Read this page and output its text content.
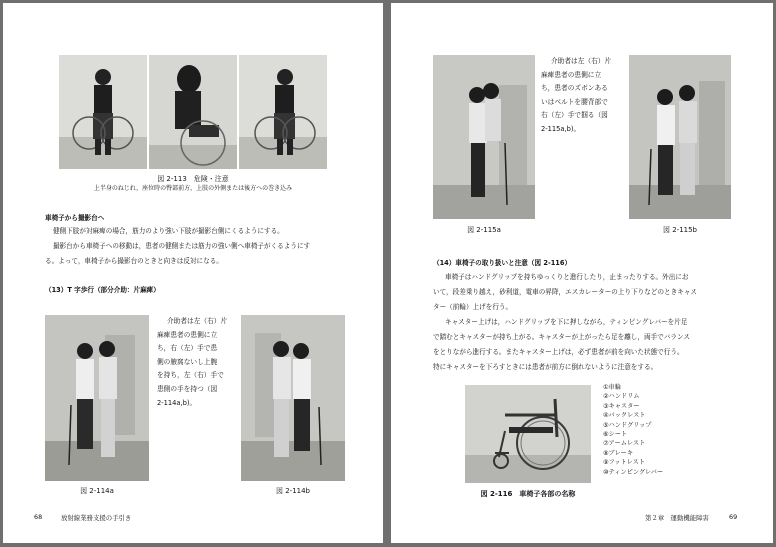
図 2-113　危険・注意
上半身のねじれ，座位時の臀部前方，上肢の外側または後方への巻き込み
車椅子から撮影台へ
健側下肢が対麻痺の場合，筋力のより強い下肢が撮影台側にくるようにする。
撮影台から車椅子への移動は，患者の健側または筋力の強い側へ車椅子がくるようにす
る。よって，車椅子から撮影台のときと向きは反対になる。
（13）T 字歩行（部分介助：片麻痺）
介助者は左（右）片
麻痺患者の患側に立
ち，右（左）手で患
側の腋窩ないし上腕
を持ち，左（右）手で
患側の手を持つ（図
2-114a,b)。
図 2-114a	図 2-114b
68	放射線業務支援の手引き
介助者は左（右）片
麻痺患者の患側に立
ち，患者のズボンある
いはベルトを腰背部で
右（左）手で掴る（図
2-115a,b)。
図 2-115a	図 2-115b
（14）車椅子の取り扱いと注意（図 2-116）
車椅子はハンドグリップを持ちゆっくりと進行したり，止まったりする。外出にお
いて，段差乗り越え，砂利道，電車の昇降，エスカレーターの上り下りなどのときキャス
ター（前輪）上げを行う。
キャスター上げは，ハンドグリップを下に押しながら，ティンピングレバーを片足
で踏むとキャスターが持ち上がる。キャスターが上がったら足を離し，両手でバランス
をとりながら進行する。またキャスター上げは，必ず患者が前を向いた状態で行う。
特にキャスターを下ろすときには患者が前方に倒れないように注意をする。
①車輪
②ハンドリム
③キャスター
④バックレスト
⑤ハンドグリップ
⑥シート
⑦アームレスト
⑧ブレーキ
⑨フットレスト
⑩ティンピングレバー
図 2-116　車椅子各部の名称
第２章　運動機能障害	69
